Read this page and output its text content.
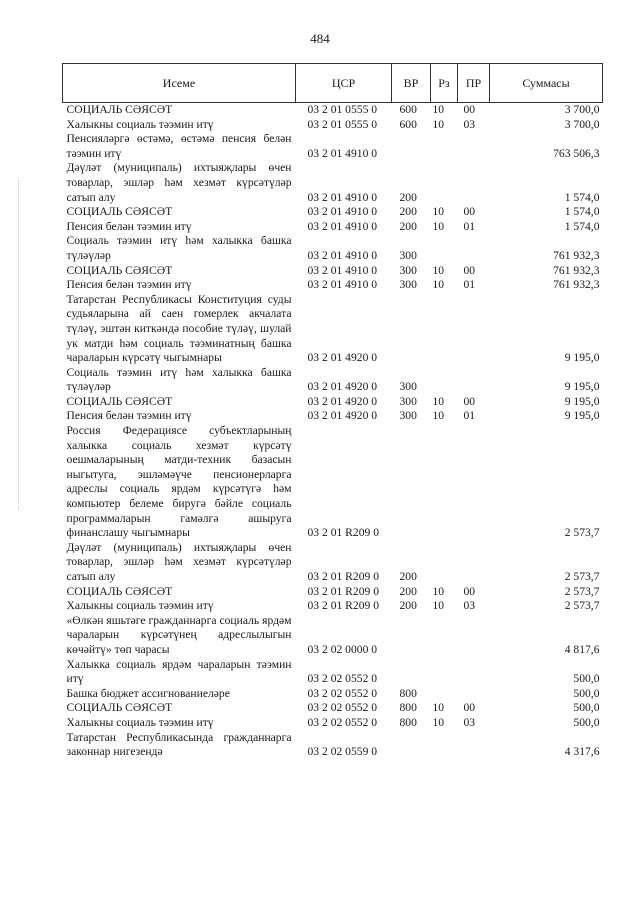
484
Исеме	ЦСР	ВР	Рз	ПР	Суммасы
СОЦИАЛЬ СӘЯСӘТ	03 2 01 0555 0	600	10	00	3 700,0
Халыкны социаль тәэмин итү	03 2 01 0555 0	600	10	03	3 700,0
Пенсияләргә өстәмә, өстәмә пенсия белән тәэмин итү	03 2 01 4910 0				763 506,3
Дәүләт (муниципаль) ихтыяҗлары өчен товарлар, эшләр һәм хезмәт күрсәтүләр сатып алу	03 2 01 4910 0	200			1 574,0
СОЦИАЛЬ СӘЯСӘТ	03 2 01 4910 0	200	10	00	1 574,0
Пенсия белән тәэмин итү	03 2 01 4910 0	200	10	01	1 574,0
Социаль тәэмин итү һәм халыкка башка түләүләр	03 2 01 4910 0	300			761 932,3
СОЦИАЛЬ СӘЯСӘТ	03 2 01 4910 0	300	10	00	761 932,3
Пенсия белән тәэмин итү	03 2 01 4910 0	300	10	01	761 932,3
Татарстан Республикасы Конституция суды судьяларына ай саен гомерлек акчалата түләү, эштән киткәндә пособие түләү, шулай ук матди һәм социаль тәэминатның башка чараларын күрсәтү чыгымнары	03 2 01 4920 0				9 195,0
Социаль тәэмин итү һәм халыкка башка түләүләр	03 2 01 4920 0	300			9 195,0
СОЦИАЛЬ СӘЯСӘТ	03 2 01 4920 0	300	10	00	9 195,0
Пенсия белән тәэмин итү	03 2 01 4920 0	300	10	01	9 195,0
Россия Федерациясе субъектларының халыкка социаль хезмәт күрсәтү оешмаларының матди-техник базасын ныгытуга, эшләмәүче пенсионерларга адреслы социаль ярдәм күрсәтүгә һәм компьютер белеме биругә бәйле социаль программаларын гамәлгә ашыруга финанслашу чыгымнары	03 2 01 R209 0				2 573,7
Дәүләт (муниципаль) ихтыяҗлары өчен товарлар, эшләр һәм хезмәт күрсәтүләр сатып алу	03 2 01 R209 0	200			2 573,7
СОЦИАЛЬ СӘЯСӘТ	03 2 01 R209 0	200	10	00	2 573,7
Халыкны социаль тәэмин итү	03 2 01 R209 0	200	10	03	2 573,7
«Өлкән яшьтәге гражданнарга социаль ярдәм чараларын күрсәтүнең адреслылыгын көчәйтү» төп чарасы	03 2 02 0000 0				4 817,6
Халыкка социаль ярдәм чараларын тәэмин итү	03 2 02 0552 0				500,0
Башка бюджет ассигнованиеләре	03 2 02 0552 0	800			500,0
СОЦИАЛЬ СӘЯСӘТ	03 2 02 0552 0	800	10	00	500,0
Халыкны социаль тәэмин итү	03 2 02 0552 0	800	10	03	500,0
Татарстан Республикасында гражданнарга законнар нигезендә	03 2 02 0559 0				4 317,6
